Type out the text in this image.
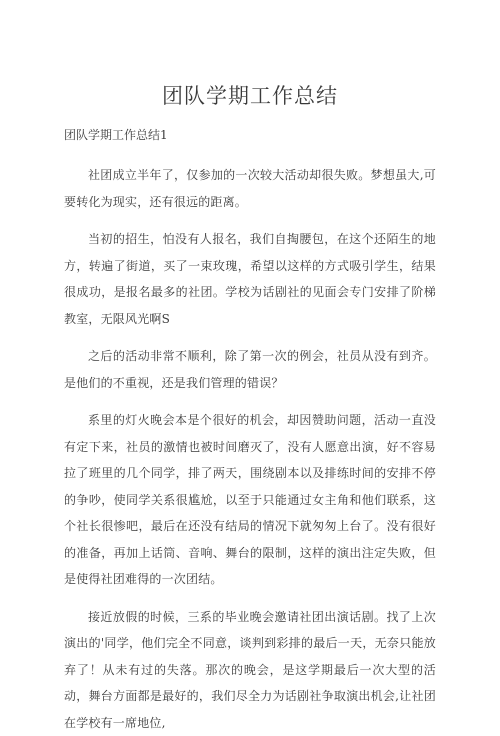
团队学期工作总结
团队学期工作总结1

社团成立半年了，仅参加的一次较大活动却很失败。梦想虽大,可要转化为现实，还有很远的距离。

当初的招生，怕没有人报名，我们自掏腰包，在这个还陌生的地方，转遍了街道，买了一束玫瑰，希望以这样的方式吸引学生，结果很成功，是报名最多的社团。学校为话剧社的见面会专门安排了阶梯教室，无限风光啊S

之后的活动非常不顺利，除了第一次的例会，社员从没有到齐。是他们的不重视，还是我们管理的错误？

系里的灯火晚会本是个很好的机会，却因赞助问题，活动一直没有定下来，社员的激情也被时间磨灭了，没有人愿意出演，好不容易拉了班里的几个同学，排了两天，围绕剧本以及排练时间的安排不停的争吵，使同学关系很尴尬，以至于只能通过女主角和他们联系，这个社长很惨吧，最后在还没有结局的情况下就匆匆上台了。没有很好的准备，再加上话筒、音响、舞台的限制，这样的演出注定失败，但是使得社团难得的一次团结。

接近放假的时候，三系的毕业晚会邀请社团出演话剧。找了上次演出的'同学，他们完全不同意，谈判到彩排的最后一天，无奈只能放弃了！从未有过的失落。那次的晚会，是这学期最后一次大型的活动，舞台方面都是最好的，我们尽全力为话剧社争取演出机会,让社团在学校有一席地位,
